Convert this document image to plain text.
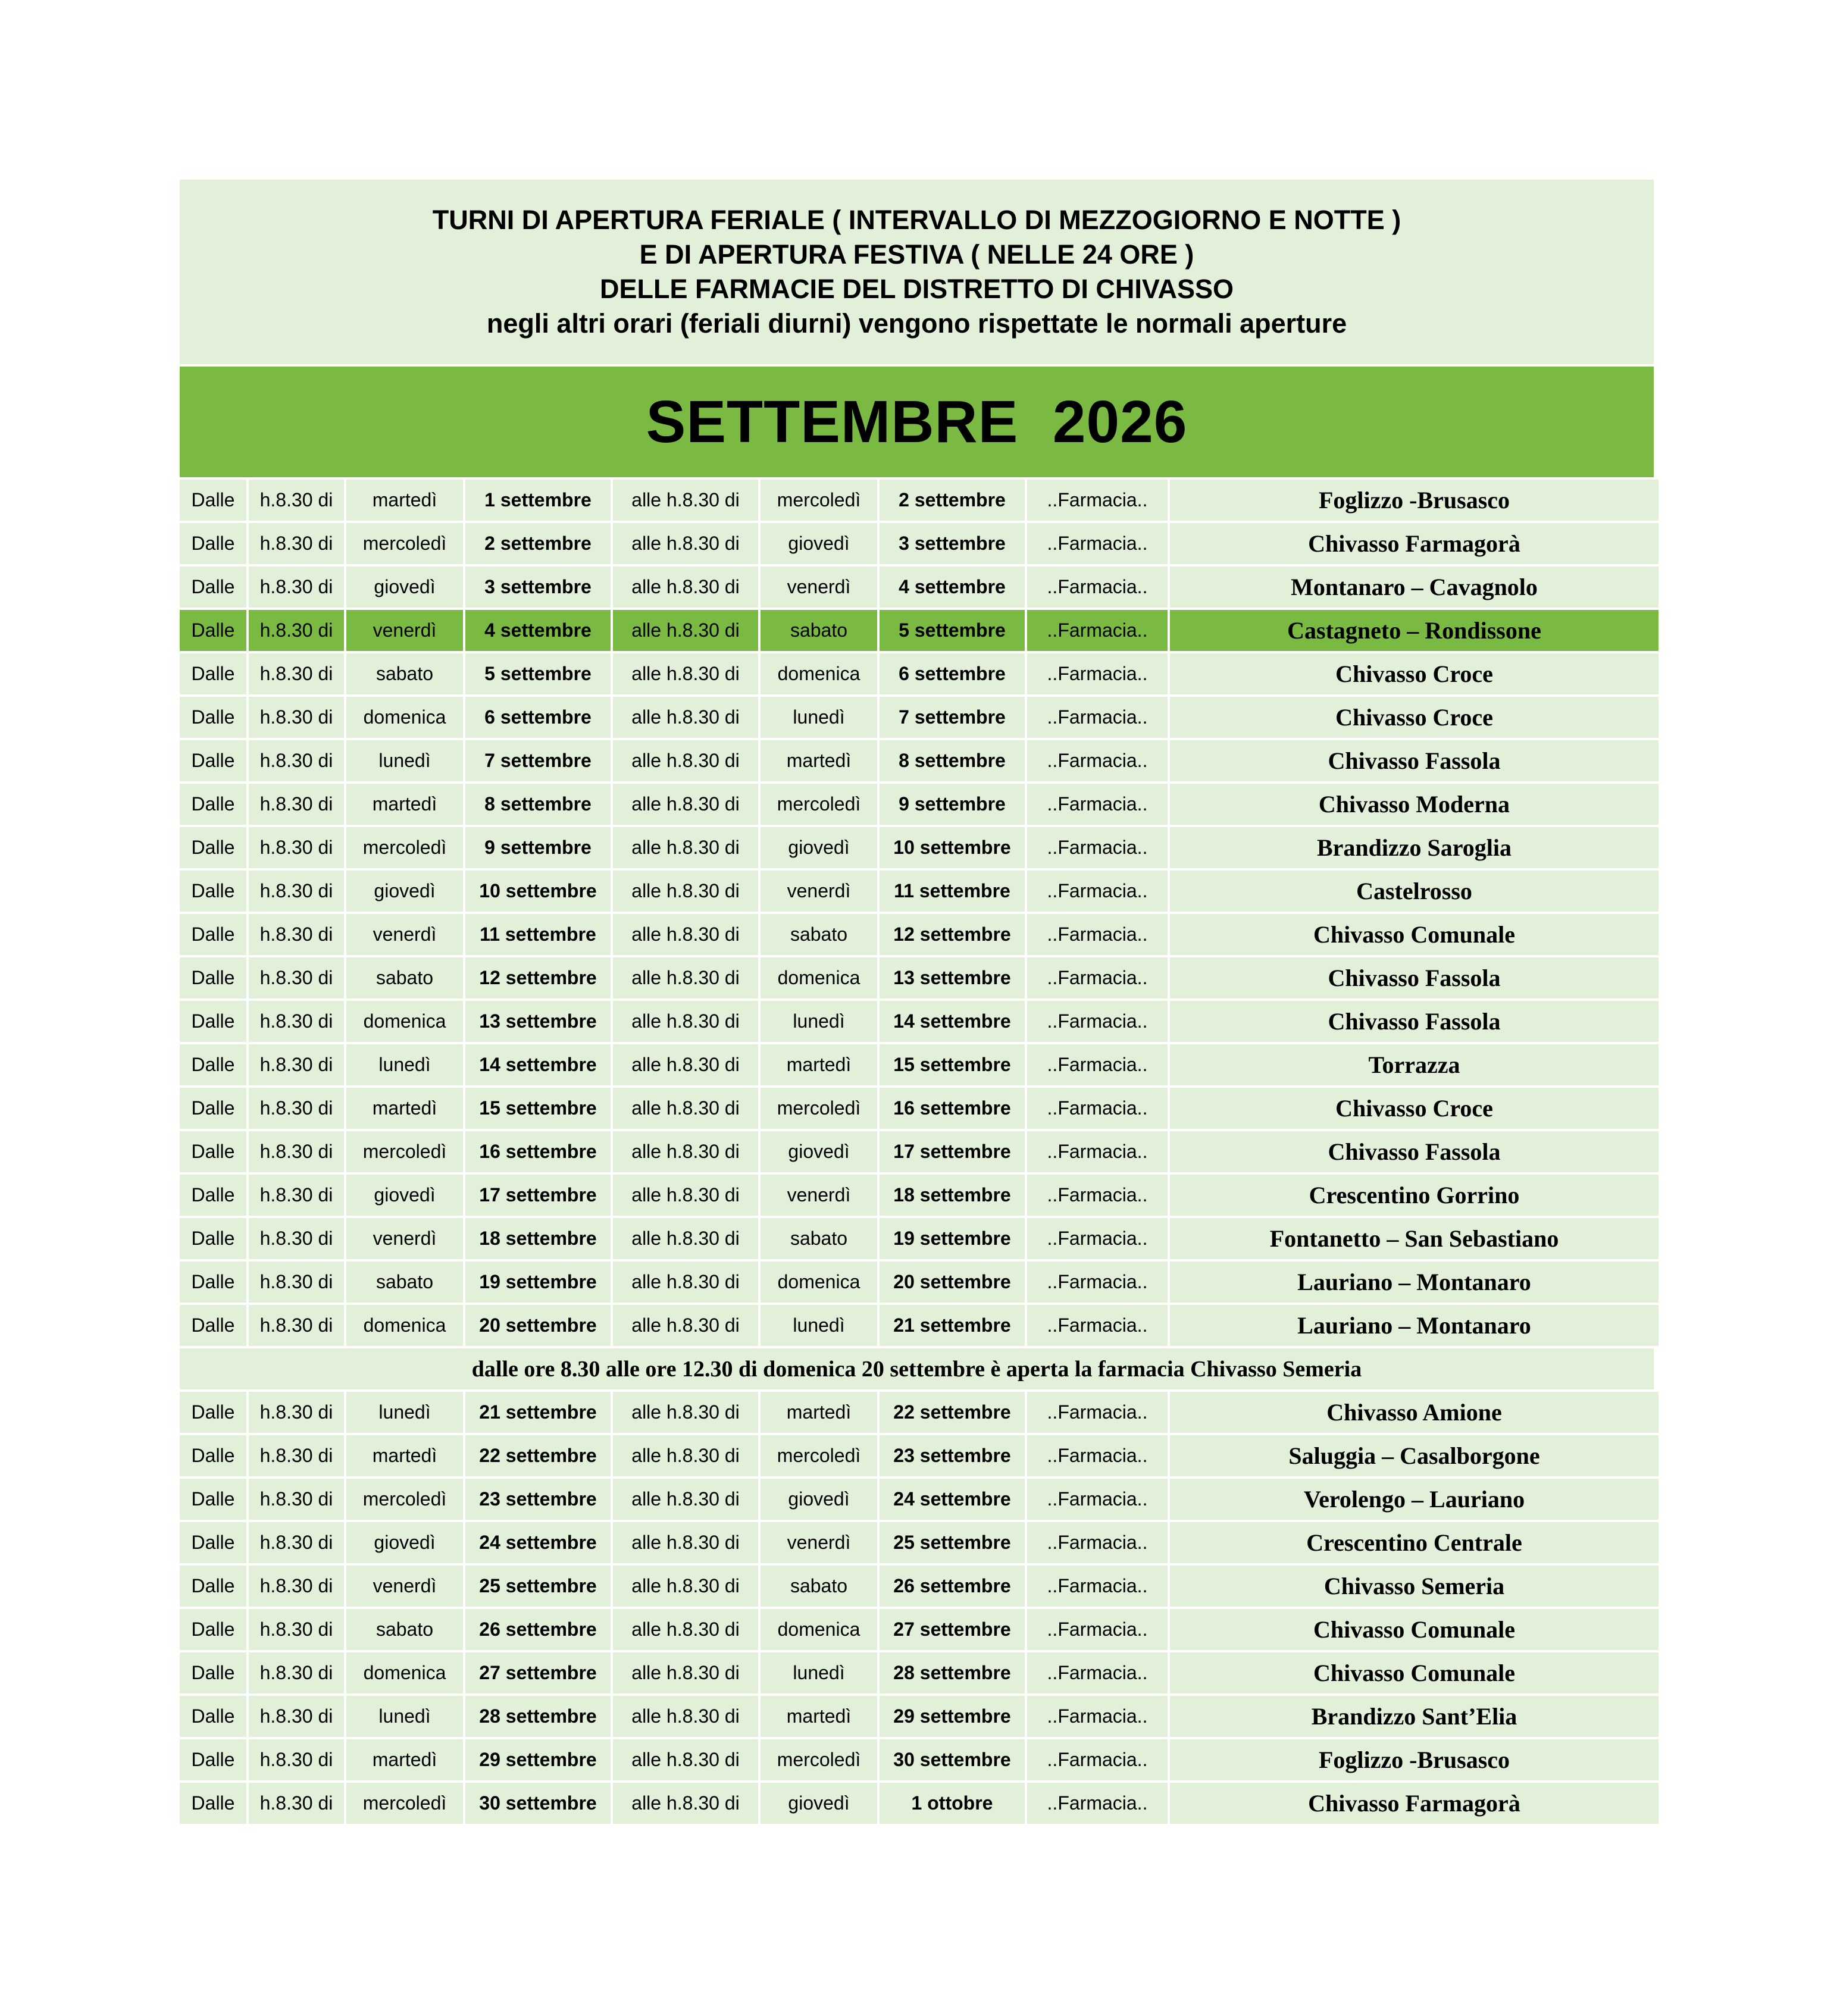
TURNI DI APERTURA FERIALE ( INTERVALLO DI MEZZOGIORNO E NOTTE )
E DI APERTURA FESTIVA ( NELLE 24 ORE )
DELLE FARMACIE DEL DISTRETTO DI CHIVASSO
negli altri orari (feriali diurni) vengono rispettate le normali aperture
SETTEMBRE  2026
Dalle	h.8.30 di	martedì	1 settembre	alle h.8.30 di	mercoledì	2 settembre	..Farmacia..	Foglizzo -Brusasco
Dalle	h.8.30 di	mercoledì	2 settembre	alle h.8.30 di	giovedì	3 settembre	..Farmacia..	Chivasso Farmagorà
Dalle	h.8.30 di	giovedì	3 settembre	alle h.8.30 di	venerdì	4 settembre	..Farmacia..	Montanaro – Cavagnolo
Dalle	h.8.30 di	venerdì	4 settembre	alle h.8.30 di	sabato	5 settembre	..Farmacia..	Castagneto – Rondissone
Dalle	h.8.30 di	sabato	5 settembre	alle h.8.30 di	domenica	6 settembre	..Farmacia..	Chivasso Croce
Dalle	h.8.30 di	domenica	6 settembre	alle h.8.30 di	lunedì	7 settembre	..Farmacia..	Chivasso Croce
Dalle	h.8.30 di	lunedì	7 settembre	alle h.8.30 di	martedì	8 settembre	..Farmacia..	Chivasso Fassola
Dalle	h.8.30 di	martedì	8 settembre	alle h.8.30 di	mercoledì	9 settembre	..Farmacia..	Chivasso Moderna
Dalle	h.8.30 di	mercoledì	9 settembre	alle h.8.30 di	giovedì	10 settembre	..Farmacia..	Brandizzo Saroglia
Dalle	h.8.30 di	giovedì	10 settembre	alle h.8.30 di	venerdì	11 settembre	..Farmacia..	Castelrosso
Dalle	h.8.30 di	venerdì	11 settembre	alle h.8.30 di	sabato	12 settembre	..Farmacia..	Chivasso Comunale
Dalle	h.8.30 di	sabato	12 settembre	alle h.8.30 di	domenica	13 settembre	..Farmacia..	Chivasso Fassola
Dalle	h.8.30 di	domenica	13 settembre	alle h.8.30 di	lunedì	14 settembre	..Farmacia..	Chivasso Fassola
Dalle	h.8.30 di	lunedì	14 settembre	alle h.8.30 di	martedì	15 settembre	..Farmacia..	Torrazza
Dalle	h.8.30 di	martedì	15 settembre	alle h.8.30 di	mercoledì	16 settembre	..Farmacia..	Chivasso Croce
Dalle	h.8.30 di	mercoledì	16 settembre	alle h.8.30 di	giovedì	17 settembre	..Farmacia..	Chivasso Fassola
Dalle	h.8.30 di	giovedì	17 settembre	alle h.8.30 di	venerdì	18 settembre	..Farmacia..	Crescentino Gorrino
Dalle	h.8.30 di	venerdì	18 settembre	alle h.8.30 di	sabato	19 settembre	..Farmacia..	Fontanetto – San Sebastiano
Dalle	h.8.30 di	sabato	19 settembre	alle h.8.30 di	domenica	20 settembre	..Farmacia..	Lauriano – Montanaro
Dalle	h.8.30 di	domenica	20 settembre	alle h.8.30 di	lunedì	21 settembre	..Farmacia..	Lauriano – Montanaro
dalle ore 8.30 alle ore 12.30 di domenica 20 settembre è aperta la farmacia Chivasso Semeria
Dalle	h.8.30 di	lunedì	21 settembre	alle h.8.30 di	martedì	22 settembre	..Farmacia..	Chivasso Amione
Dalle	h.8.30 di	martedì	22 settembre	alle h.8.30 di	mercoledì	23 settembre	..Farmacia..	Saluggia – Casalborgone
Dalle	h.8.30 di	mercoledì	23 settembre	alle h.8.30 di	giovedì	24 settembre	..Farmacia..	Verolengo – Lauriano
Dalle	h.8.30 di	giovedì	24 settembre	alle h.8.30 di	venerdì	25 settembre	..Farmacia..	Crescentino Centrale
Dalle	h.8.30 di	venerdì	25 settembre	alle h.8.30 di	sabato	26 settembre	..Farmacia..	Chivasso Semeria
Dalle	h.8.30 di	sabato	26 settembre	alle h.8.30 di	domenica	27 settembre	..Farmacia..	Chivasso Comunale
Dalle	h.8.30 di	domenica	27 settembre	alle h.8.30 di	lunedì	28 settembre	..Farmacia..	Chivasso Comunale
Dalle	h.8.30 di	lunedì	28 settembre	alle h.8.30 di	martedì	29 settembre	..Farmacia..	Brandizzo Sant’Elia
Dalle	h.8.30 di	martedì	29 settembre	alle h.8.30 di	mercoledì	30 settembre	..Farmacia..	Foglizzo -Brusasco
Dalle	h.8.30 di	mercoledì	30 settembre	alle h.8.30 di	giovedì	1 ottobre	..Farmacia..	Chivasso Farmagorà
